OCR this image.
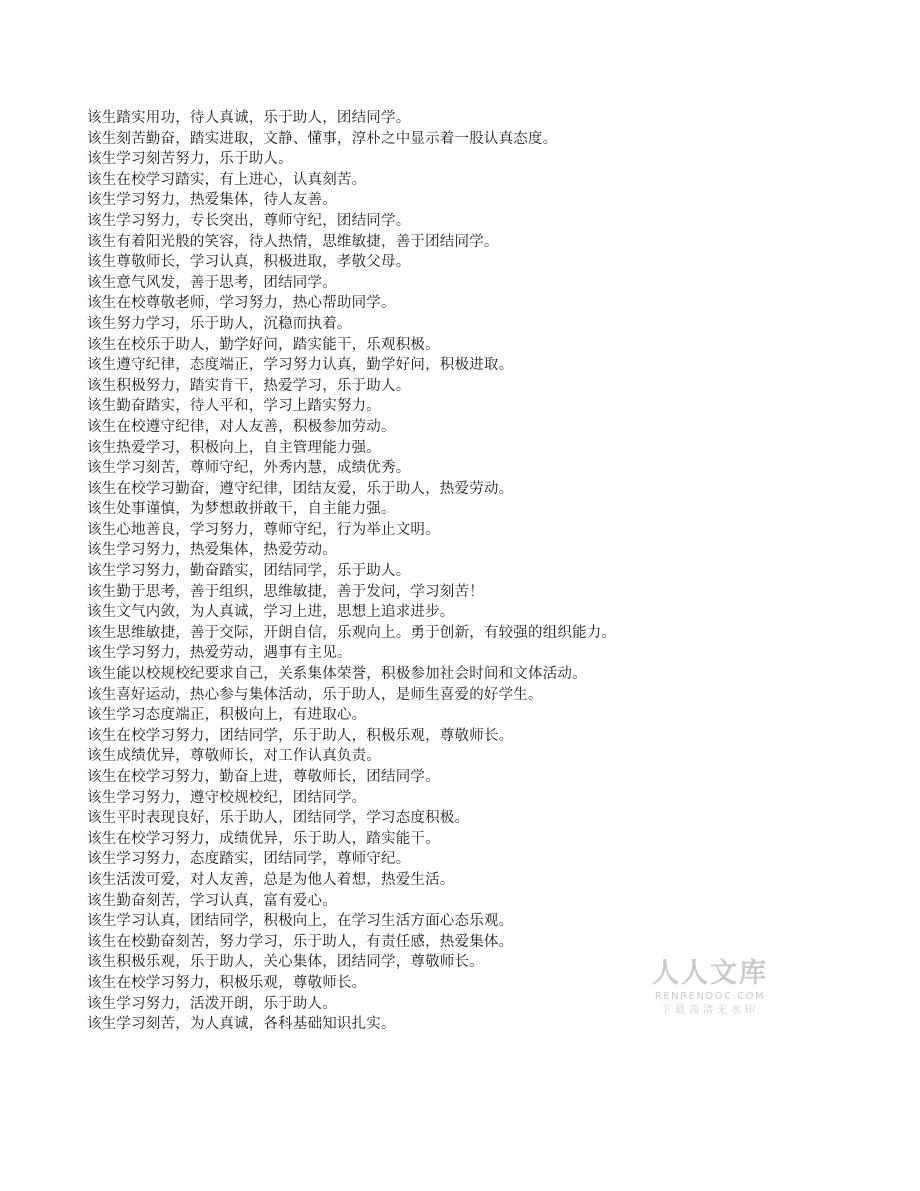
该生踏实用功，待人真诚，乐于助人，团结同学。
该生刻苦勤奋，踏实进取，文静、懂事，淳朴之中显示着一股认真态度。
该生学习刻苦努力，乐于助人。
该生在校学习踏实，有上进心，认真刻苦。
该生学习努力，热爱集体，待人友善。
该生学习努力，专长突出，尊师守纪，团结同学。
该生有着阳光般的笑容，待人热情，思维敏捷，善于团结同学。
该生尊敬师长，学习认真，积极进取，孝敬父母。
该生意气风发，善于思考，团结同学。
该生在校尊敬老师，学习努力，热心帮助同学。
该生努力学习，乐于助人，沉稳而执着。
该生在校乐于助人，勤学好问，踏实能干，乐观积极。
该生遵守纪律，态度端正，学习努力认真，勤学好问，积极进取。
该生积极努力，踏实肯干，热爱学习，乐于助人。
该生勤奋踏实，待人平和，学习上踏实努力。
该生在校遵守纪律，对人友善，积极参加劳动。
该生热爱学习，积极向上，自主管理能力强。
该生学习刻苦，尊师守纪，外秀内慧，成绩优秀。
该生在校学习勤奋，遵守纪律，团结友爱，乐于助人，热爱劳动。
该生处事谨慎，为梦想敢拼敢干，自主能力强。
该生心地善良，学习努力，尊师守纪，行为举止文明。
该生学习努力，热爱集体，热爱劳动。
该生学习努力，勤奋踏实，团结同学，乐于助人。
该生勤于思考，善于组织，思维敏捷，善于发问，学习刻苦！
该生文气内敛，为人真诚，学习上进，思想上追求进步。
该生思维敏捷，善于交际，开朗自信，乐观向上。勇于创新，有较强的组织能力。
该生学习努力，热爱劳动，遇事有主见。
该生能以校规校纪要求自己，关系集体荣誉，积极参加社会时间和文体活动。
该生喜好运动，热心参与集体活动，乐于助人，是师生喜爱的好学生。
该生学习态度端正，积极向上，有进取心。
该生在校学习努力，团结同学，乐于助人，积极乐观，尊敬师长。
该生成绩优异，尊敬师长，对工作认真负责。
该生在校学习努力，勤奋上进，尊敬师长，团结同学。
该生学习努力，遵守校规校纪，团结同学。
该生平时表现良好，乐于助人，团结同学，学习态度积极。
该生在校学习努力，成绩优异，乐于助人，踏实能干。
该生学习努力，态度踏实，团结同学，尊师守纪。
该生活泼可爱，对人友善，总是为他人着想，热爱生活。
该生勤奋刻苦，学习认真，富有爱心。
该生学习认真，团结同学，积极向上，在学习生活方面心态乐观。
该生在校勤奋刻苦，努力学习，乐于助人，有责任感，热爱集体。
该生积极乐观，乐于助人，关心集体，团结同学，尊敬师长。
该生在校学习努力，积极乐观，尊敬师长。
该生学习努力，活泼开朗，乐于助人。
该生学习刻苦，为人真诚，各科基础知识扎实。
人人文库
RENRENDOC.COM
下载高清无水印
